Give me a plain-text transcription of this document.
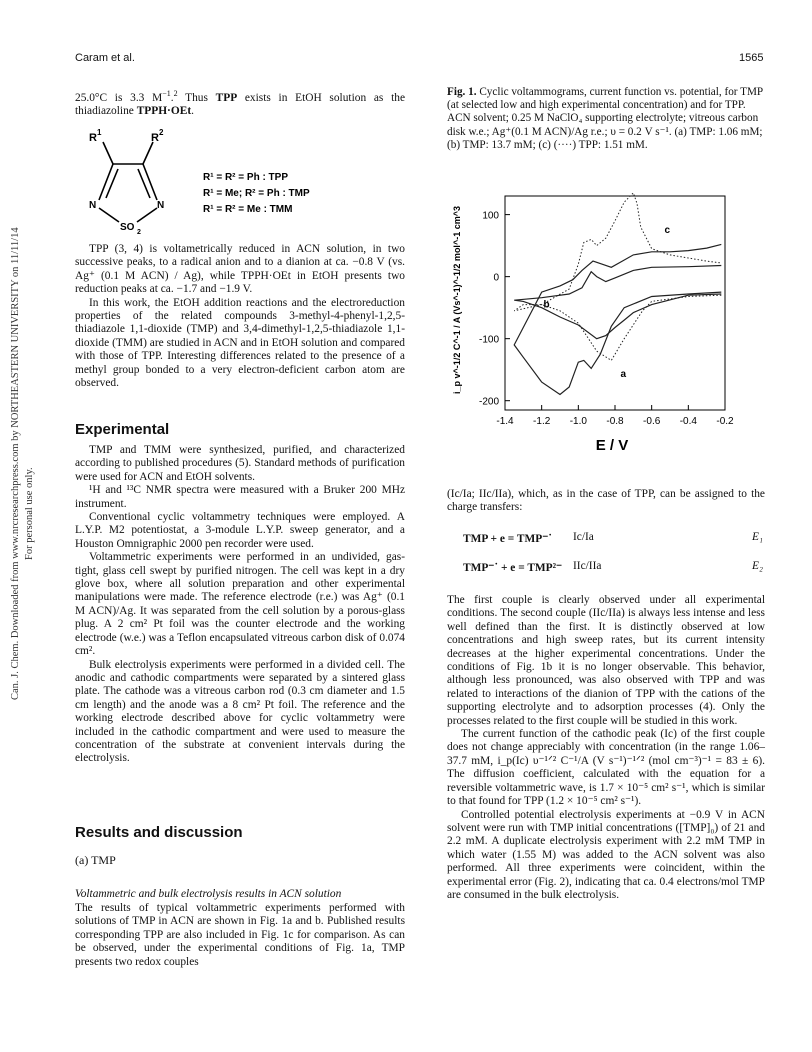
Can. J. Chem. Downloaded from www.nrcresearchpress.com by NORTHEASTERN UNIVERSITY on 11/11/14 For personal use only.
Caram et al.	1565

25.0°C is 3.3 $M^{-1}.^2$ Thus TPP exists in EtOH solution as the thiadiazoline TPPH·OEt.

R 1	R 2
N	N
SO 2
R¹ = R² = Ph : TPP
R¹ = Me; R² = Ph : TMP
R¹ = R² = Me : TMM

TPP (3, 4) is voltametrically reduced in ACN solution, in two successive peaks, to a radical anion and to a dianion at ca. −0.8 V (vs. Ag⁺ (0.1 M ACN) / Ag), while TPPH·OEt in EtOH presents two reduction peaks at ca. −1.7 and −1.9 V.

In this work, the EtOH addition reactions and the electroreduction properties of the related compounds 3-methyl-4-phenyl-1,2,5-thiadiazole 1,1-dioxide (TMP) and 3,4-dimethyl-1,2,5-thiadiazole 1,1-dioxide (TMM) are studied in ACN and in EtOH solution and compared with those of TPP. Interesting differences related to the presence of a methyl group bonded to a very electron-deficient carbon atom are observed.

Experimental

TMP and TMM were synthesized, purified, and characterized according to published procedures (5). Standard methods of purification were used for ACN and EtOH solvents.

¹H and ¹³C NMR spectra were measured with a Bruker 200 MHz instrument.

Conventional cyclic voltammetry techniques were employed. A L.Y.P. M2 potentiostat, a 3-module L.Y.P. sweep generator, and a Houston Omnigraphic 2000 pen recorder were used.

Voltammetric experiments were performed in an undivided, gas-tight, glass cell swept by purified nitrogen. The cell was kept in a dry glove box, where all solution preparation and other experimental manipulations were made. The reference electrode (r.e.) was Ag⁺ (0.1 M ACN)/Ag. It was separated from the cell solution by a porous-glass plug. A 2 cm² Pt foil was the counter electrode and the working electrode (w.e.) was a Teflon encapsulated vitreous carbon disk of 0.074 cm².

Bulk electrolysis experiments were performed in a divided cell. The anodic and cathodic compartments were separated by a sintered glass plate. The cathode was a vitreous carbon rod (0.3 cm diameter and 1.5 cm length) and the anode was a 8 cm² Pt foil. The reference and the working electrode described above for cyclic voltammetry were included in the cathodic compartment and were used to measure the concentration of the substrate at convenient intervals during the electrolysis.

Results and discussion
(a) TMP
Voltammetric and bulk electrolysis results in ACN solution

The results of typical voltammetric experiments performed with solutions of TMP in ACN are shown in Fig. 1a and b. Published results corresponding TPP are also included in Fig. 1c for comparison. As can be observed, under the experimental conditions of Fig. 1a, TMP presents two redox couples

Fig. 1. Cyclic voltammograms, current function vs. potential, for TMP (at selected low and high experimental concentration) and for TPP. ACN solvent; 0.25 M NaClO₄ supporting electrolyte; vitreous carbon disk w.e.; Ag⁺(0.1 M ACN)/Ag r.e.; υ = 0.2 V s⁻¹. (a) TMP: 1.06 mM; (b) TMP: 13.7 mM; (c) (····) TPP: 1.51 mM.

a
b
c
-1.4 -1.2 -1.0 -0.8 -0.6 -0.4 -0.2
100
0
-100
-200
E / V
i_p v^-1/2 C^-1 / A (Vs^-1)^-1/2 mol^-1 cm^3

(Ic/Ia; IIc/IIa), which, as in the case of TPP, can be assigned to the charge transfers:

TMP + e = TMP⁻˙ Ic/Ia	E₁
TMP⁻˙ + e = TMP²⁻ IIc/IIa	E₂

The first couple is clearly observed under all experimental conditions. The second couple (IIc/IIa) is always less intense and less well defined than the first. It is distinctly observed at low concentrations and high sweep rates, but its current intensity decreases at the higher experimental concentrations. Under the conditions of Fig. 1b it is no longer observable. This behavior, although less pronounced, was also observed with TPP and was related to interactions of the dianion of TPP with the cations of the supporting electrolyte and to adsorption processes (4). Only the processes related to the first couple will be studied in this work.

The current function of the cathodic peak (Ic) of the first couple does not change appreciably with concentration (in the range 1.06–37.7 mM, i_p(Ic) υ⁻¹ᐟ² C⁻¹/A (V s⁻¹)⁻¹ᐟ² (mol cm⁻³)⁻¹ = 83 ± 6). The diffusion coefficient, calculated with the equation for a reversible voltammetric wave, is 1.7 × 10⁻⁵ cm² s⁻¹, which is similar to that found for TPP (1.2 × 10⁻⁵ cm² s⁻¹).

Controlled potential electrolysis experiments at −0.9 V in ACN solvent were run with TMP initial concentrations ([TMP]₀) of 21 and 2.2 mM. A duplicate electrolysis experiment with 2.2 mM TMP in which water (1.55 M) was added to the ACN solvent was also performed. All three experiments were coincident, within the experimental error (Fig. 2), indicating that ca. 0.4 electrons/mol TMP are consumed in the bulk electrolysis.
